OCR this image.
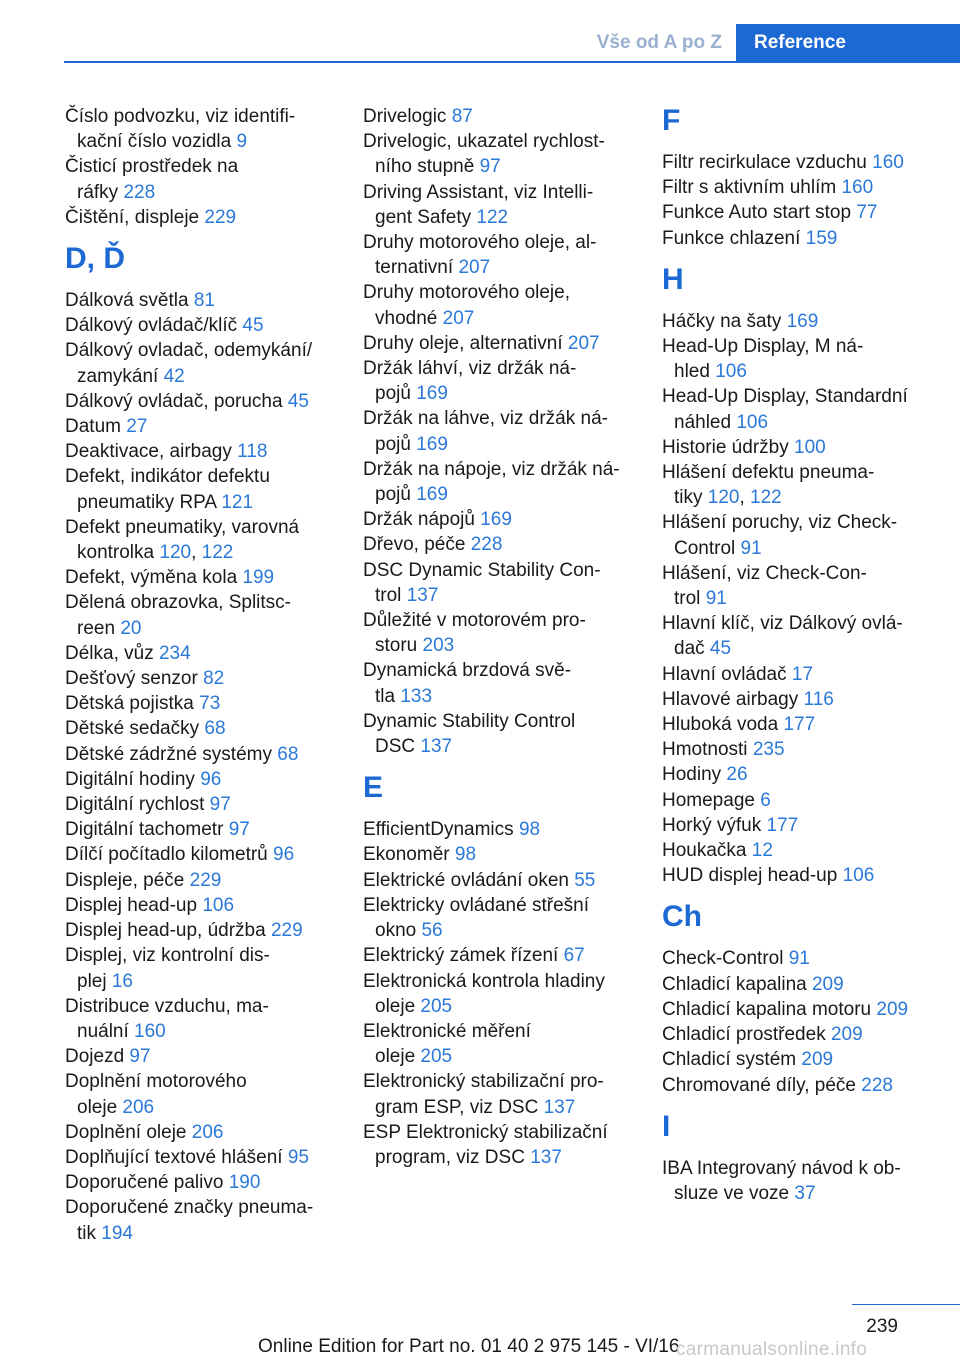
Vše od A po Z	Reference

Číslo podvozku, viz identifi-
kační číslo vozidla 9

Čisticí prostředek na
ráfky 228

Čištění, displeje 229

D, Ď

Dálková světla 81

Dálkový ovládač/klíč 45

Dálkový ovladač, odemykání/
zamykání 42

Dálkový ovládač, porucha 45

Datum 27

Deaktivace, airbagy 118

Defekt, indikátor defektu
pneumatiky RPA 121

Defekt pneumatiky, varovná
kontrolka 120, 122

Defekt, výměna kola 199

Dělená obrazovka, Splitsc-
reen 20

Délka, vůz 234

Dešťový senzor 82

Dětská pojistka 73

Dětské sedačky 68

Dětské zádržné systémy 68

Digitální hodiny 96

Digitální rychlost 97

Digitální tachometr 97

Dílčí počítadlo kilometrů 96

Displeje, péče 229

Displej head-up 106

Displej head-up, údržba 229

Displej, viz kontrolní dis-
plej 16

Distribuce vzduchu, ma-
nuální 160

Dojezd 97

Doplnění motorového
oleje 206

Doplnění oleje 206

Doplňující textové hlášení 95

Doporučené palivo 190

Doporučené značky pneuma-
tik 194

Drivelogic 87

Drivelogic, ukazatel rychlost-
ního stupně 97

Driving Assistant, viz Intelli-
gent Safety 122

Druhy motorového oleje, al-
ternativní 207

Druhy motorového oleje,
vhodné 207

Druhy oleje, alternativní 207

Držák láhví, viz držák ná-
pojů 169

Držák na láhve, viz držák ná-
pojů 169

Držák na nápoje, viz držák ná-
pojů 169

Držák nápojů 169

Dřevo, péče 228

DSC Dynamic Stability Con-
trol 137

Důležité v motorovém pro-
storu 203

Dynamická brzdová svě-
tla 133

Dynamic Stability Control
DSC 137

E

EfficientDynamics 98

Ekonoměr 98

Elektrické ovládání oken 55

Elektricky ovládané střešní
okno 56

Elektrický zámek řízení 67

Elektronická kontrola hladiny
oleje 205

Elektronické měření
oleje 205

Elektronický stabilizační pro-
gram ESP, viz DSC 137

ESP Elektronický stabilizační
program, viz DSC 137

F

Filtr recirkulace vzduchu 160

Filtr s aktivním uhlím 160

Funkce Auto start stop 77

Funkce chlazení 159

H

Háčky na šaty 169

Head-Up Display, M ná-
hled 106

Head-Up Display, Standardní
náhled 106

Historie údržby 100

Hlášení defektu pneuma-
tiky 120, 122

Hlášení poruchy, viz Check-
Control 91

Hlášení, viz Check-Con-
trol 91

Hlavní klíč, viz Dálkový ovlá-
dač 45

Hlavní ovládač 17

Hlavové airbagy 116

Hluboká voda 177

Hmotnosti 235

Hodiny 26

Homepage 6

Horký výfuk 177

Houkačka 12

HUD displej head-up 106

Ch

Check-Control 91

Chladicí kapalina 209

Chladicí kapalina motoru 209

Chladicí prostředek 209

Chladicí systém 209

Chromované díly, péče 228

I

IBA Integrovaný návod k ob-
sluze ve voze 37

239
Online Edition for Part no. 01 40 2 975 145 - VI/16
carmanualsonline.info
